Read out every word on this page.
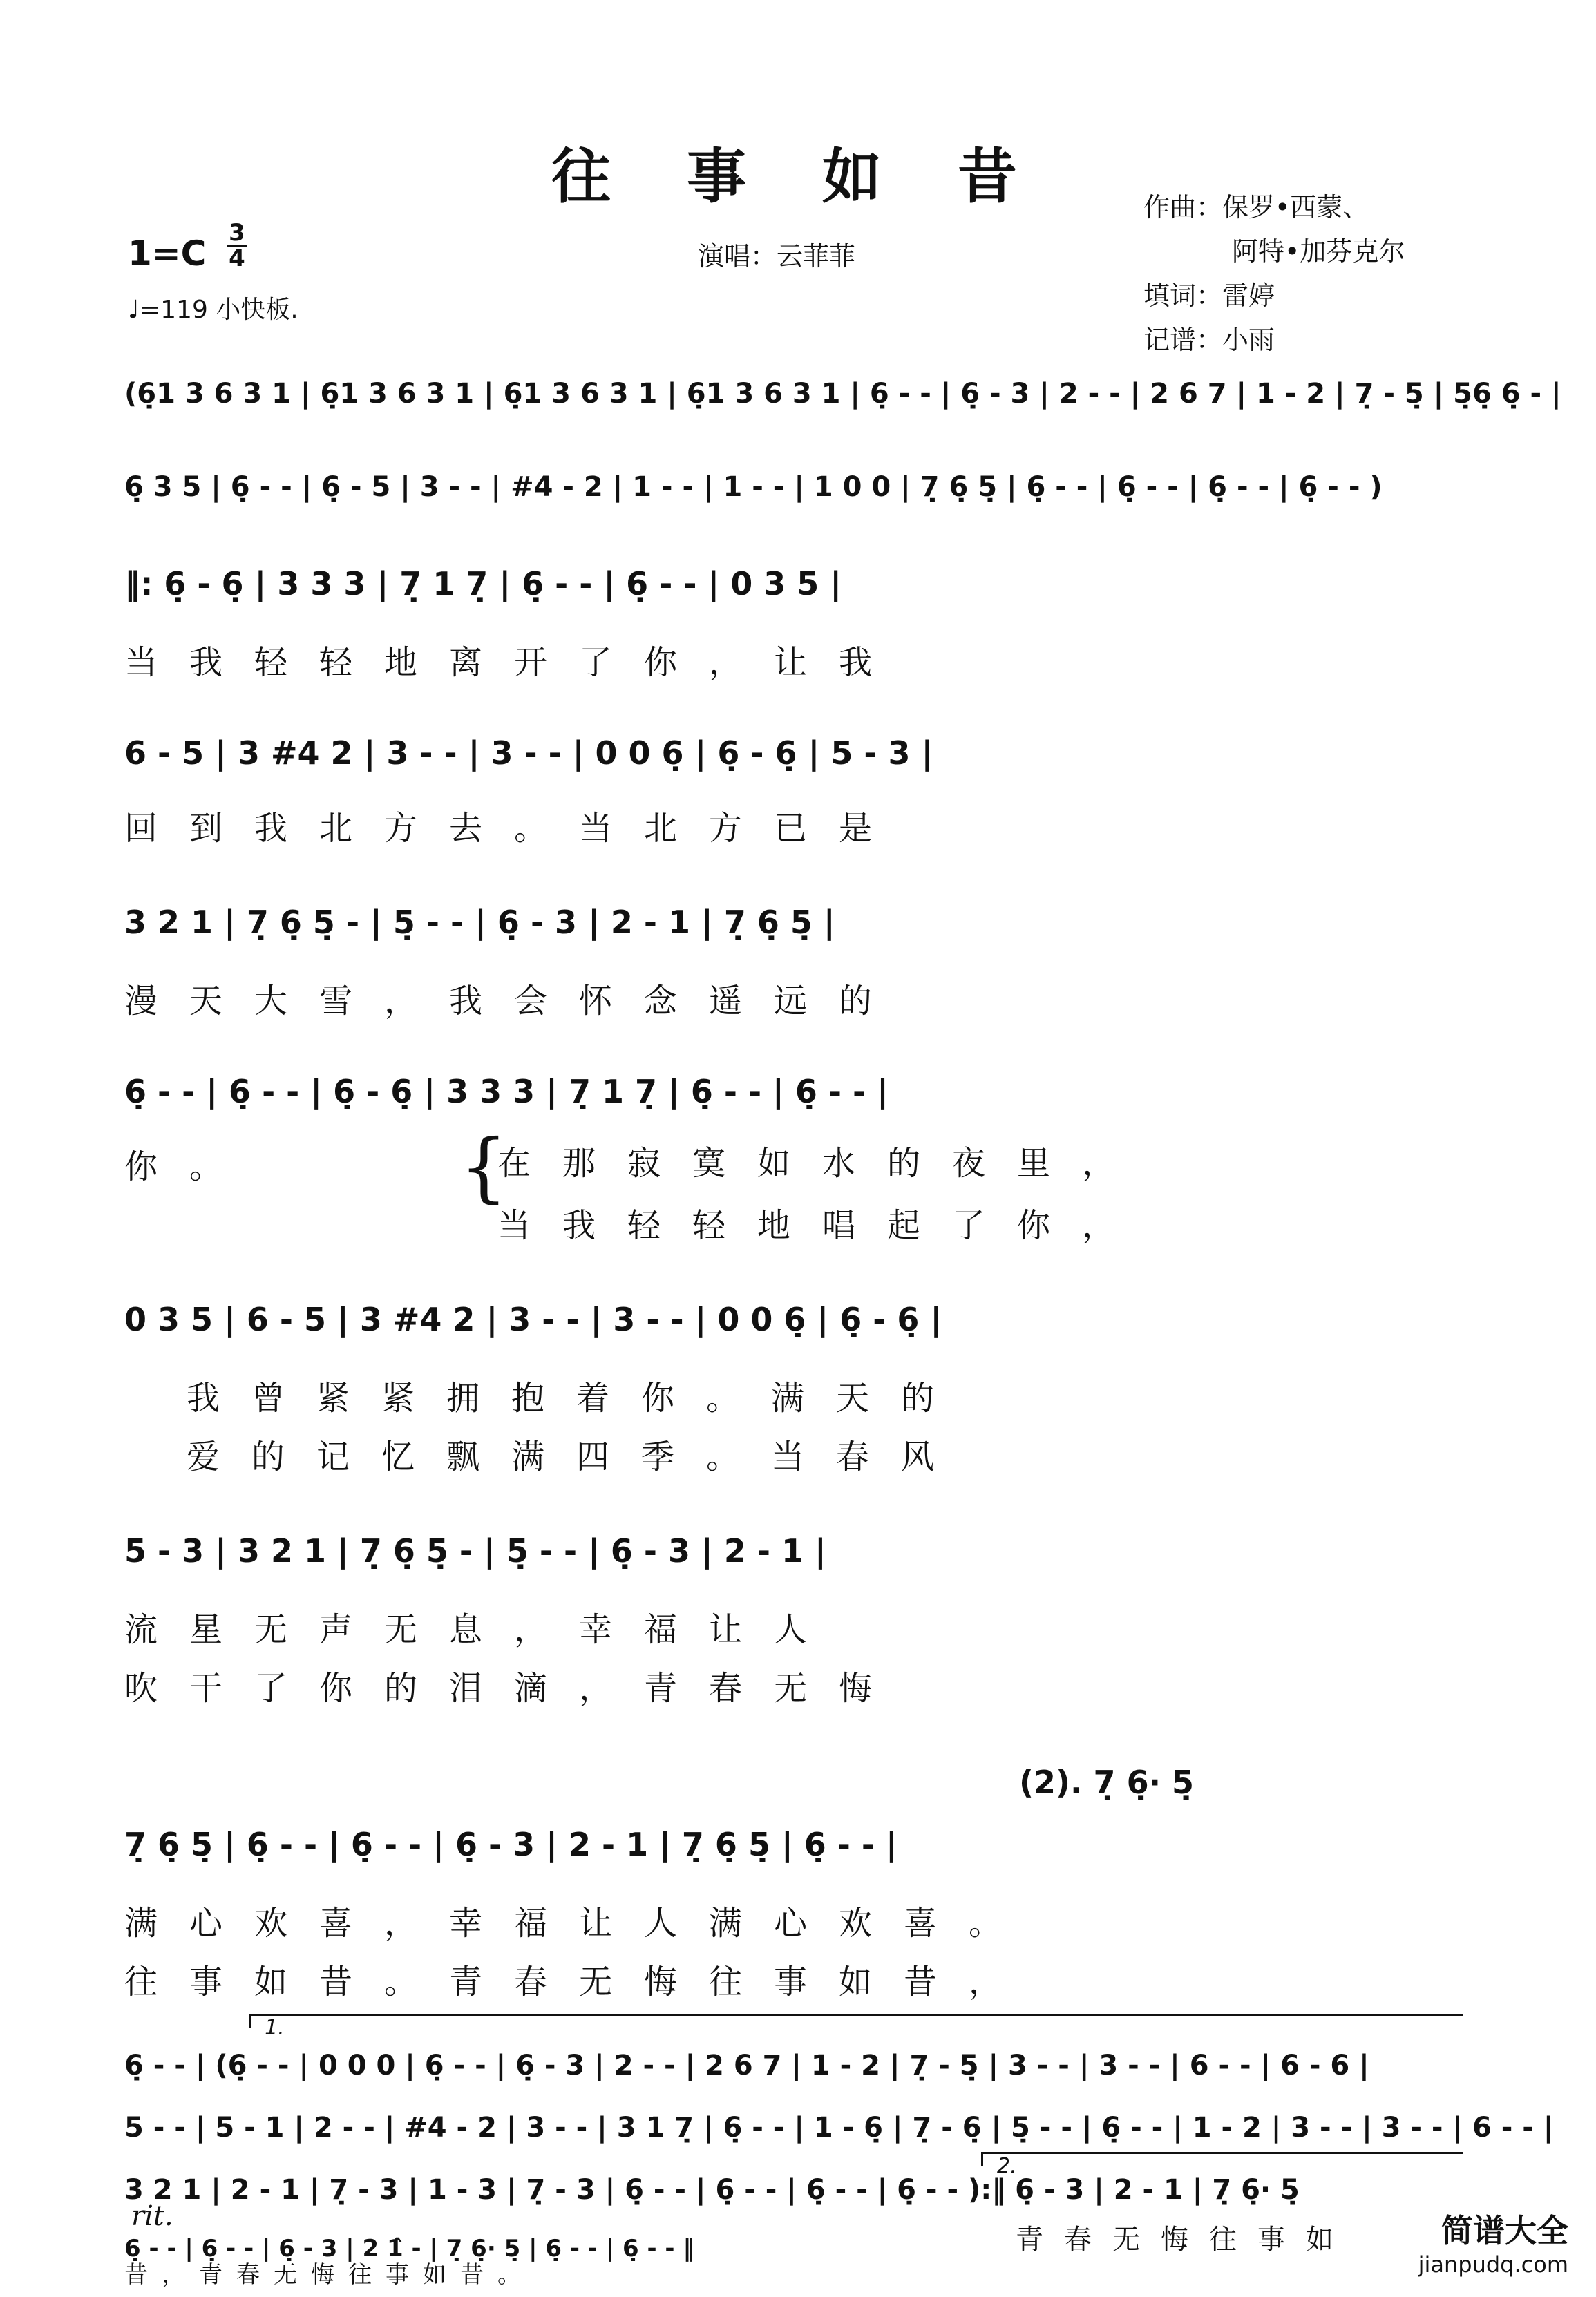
往 事 如 昔
1=C
3
4
♩=119 小快板.
演唱：云菲菲
作曲：保罗•西蒙、
阿特•加芬克尔
填词：雷婷
记谱：小雨
(6̣1 3 6 3 1 | 6̣1 3 6 3 1 | 6̣1 3 6 3 1 | 6̣1 3 6 3 1 | 6̣ - - | 6̣ - 3 | 2 - - | 2 6 7 | 1 - 2 | 7̣ - 5̣ | 5̣6̣ 6̣ - |
6̣ 3 5 | 6̣ - - | 6̣ - 5 | 3 - - | #4 - 2 | 1 - - | 1 - - | 1 0 0 | 7̣ 6̣ 5̣ | 6̣ - - | 6̣ - - | 6̣ - - | 6̣ - - )
‖: 6̣ - 6̣ | 3 3 3 | 7̣ 1 7̣ | 6̣ - - | 6̣ - - | 0 3 5 |
当我轻轻地离开了你，让我
6 - 5 | 3 #4 2 | 3 - - | 3 - - | 0 0 6̣ | 6̣ - 6̣ | 5 - 3 |
回到我北方去。当北方已是
3 2 1 | 7̣ 6̣ 5̣ - | 5̣ - - | 6̣ - 3 | 2 - 1 | 7̣ 6̣ 5̣ |
漫天大雪，我会怀念遥远的
6̣ - - | 6̣ - - | 6̣ - 6̣ | 3 3 3 | 7̣ 1 7̣ | 6̣ - - | 6̣ - - |
你。	{
在那寂寞如水的夜里，
当我轻轻地唱起了你，
0 3 5 | 6 - 5 | 3 #4 2 | 3 - - | 3 - - | 0 0 6̣ | 6̣ - 6̣ |
我曾紧紧拥抱着你。满天的
爱的记忆飘满四季。当春风
5 - 3 | 3 2 1 | 7̣ 6̣ 5̣ - | 5̣ - - | 6̣ - 3 | 2 - 1 |
流星无声无息，幸福让人
吹干了你的泪滴，青春无悔
(2). 7̣ 6̣· 5̣
7̣ 6̣ 5̣ | 6̣ - - | 6̣ - - | 6̣ - 3 | 2 - 1 | 7̣ 6̣ 5̣ | 6̣ - - |
满心欢喜，幸福让人满心欢喜。
往事如昔。青春无悔往事如昔，
1.
6̣ - - | (6̣ - - | 0 0 0 | 6̣ - - | 6̣ - 3 | 2 - - | 2 6 7 | 1 - 2 | 7̣ - 5̣ | 3 - - | 3 - - | 6 - - | 6 - 6 |
5 - - | 5 - 1 | 2 - - | #4 - 2 | 3 - - | 3 1 7̣ | 6̣ - - | 1 - 6̣ | 7̣ - 6̣ | 5̣ - - | 6̣ - - | 1 - 2 | 3 - - | 3 - - | 6 - - |
2.
3 2 1 | 2 - 1 | 7̣ - 3 | 1 - 3 | 7̣ - 3 | 6̣ - - | 6̣ - - | 6̣ - - | 6̣ - - ):‖ 6̣ - 3 | 2 - 1 | 7̣ 6̣· 5̣
青春无悔往事如
rit.
6̣ - - | 6̣ - - | 6̣ - 3 | 2 1̂ - | 7̣ 6̣· 5̣ | 6̣ - - | 6̣ - - ‖
昔，青春无悔往事如昔。
简谱大全
jianpudq.com
